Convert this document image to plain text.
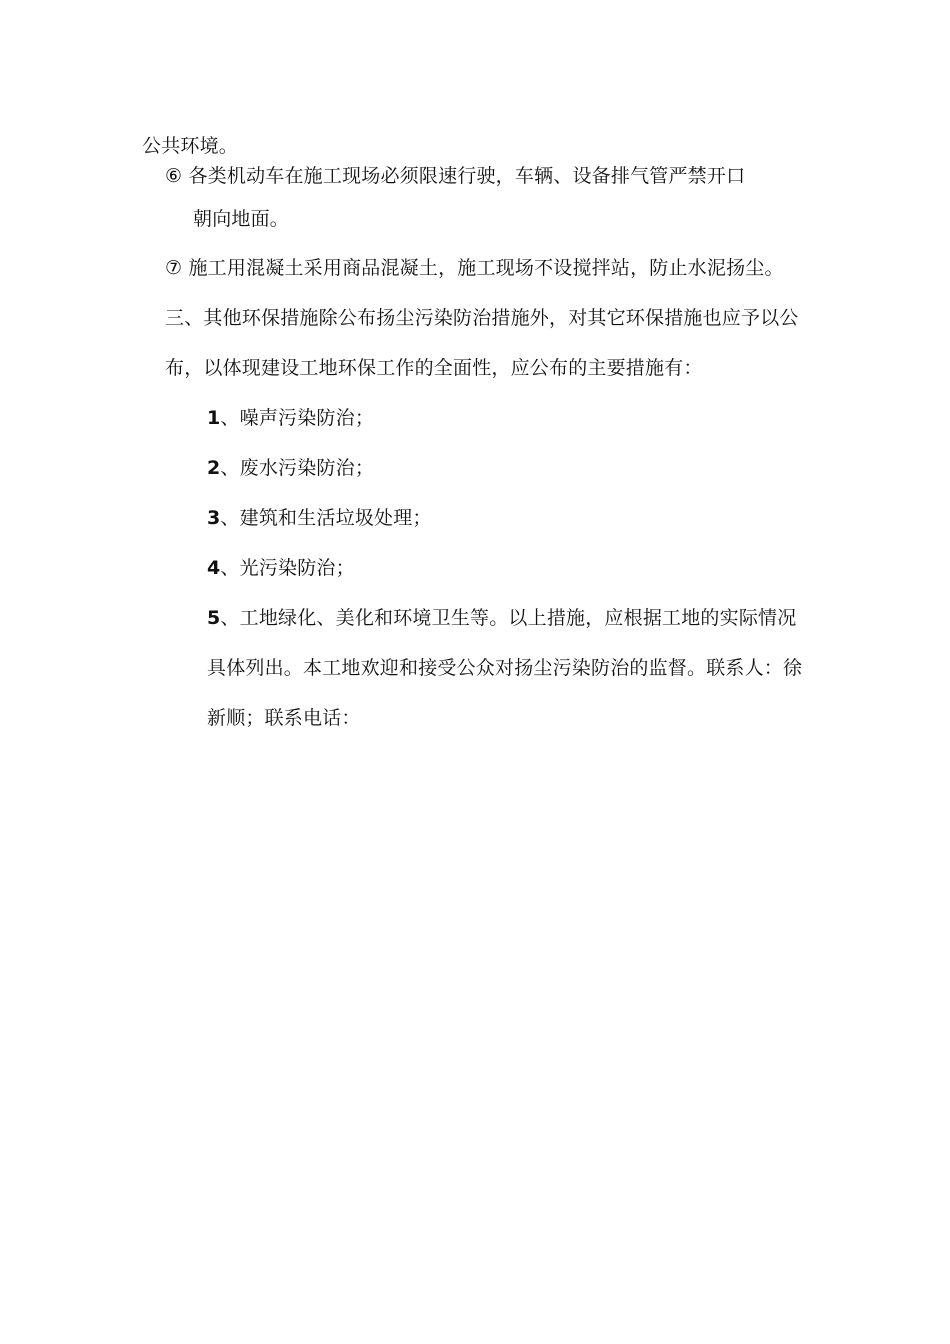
公共环境。
⑥ 各类机动车在施工现场必须限速行驶，车辆、设备排气管严禁开口
朝向地面。
⑦ 施工用混凝土采用商品混凝土，施工现场不设搅拌站，防止水泥扬尘。
三、其他环保措施除公布扬尘污染防治措施外，对其它环保措施也应予以公
布，以体现建设工地环保工作的全面性，应公布的主要措施有：
1、噪声污染防治；
2、废水污染防治；
3、建筑和生活垃圾处理；
4、光污染防治；
5、工地绿化、美化和环境卫生等。以上措施，应根据工地的实际情况
具体列出。本工地欢迎和接受公众对扬尘污染防治的监督。联系人：徐
新顺；联系电话：
